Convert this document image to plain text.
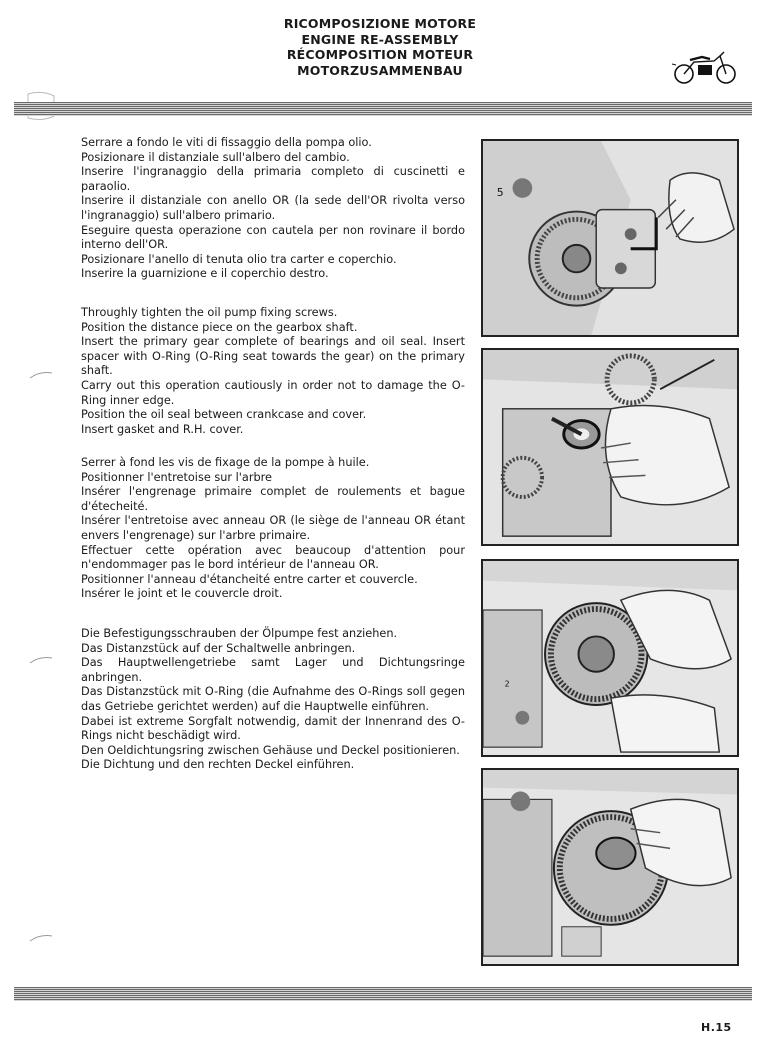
RICOMPOSIZIONE MOTORE
ENGINE RE-ASSEMBLY
RÉCOMPOSITION MOTEUR
MOTORZUSAMMENBAU

Serrare a fondo le viti di fissaggio della pompa olio.

Posizionare il distanziale sull'albero del cambio.

Inserire l'ingranaggio della primaria completo di cuscinetti e paraolio.

Inserire il distanziale con anello OR (la sede dell'OR rivolta verso l'ingranaggio) sull'albero primario.

Eseguire questa operazione con cautela per non rovinare il bordo interno dell'OR.

Posizionare l'anello di tenuta olio tra carter e coperchio.

Inserire la guarnizione e il coperchio destro.

Throughly tighten the oil pump fixing screws.

Position the distance piece on the gearbox shaft.

Insert the primary gear complete of bearings and oil seal. Insert spacer with O-Ring (O-Ring seat towards the gear) on the primary shaft.

Carry out this operation cautiously in order not to damage the O-Ring inner edge.

Position the oil seal between crankcase and cover.

Insert gasket and R.H. cover.

Serrer à fond les vis de fixage de la pompe à huile.

Positionner l'entretoise sur l'arbre

Insérer l'engrenage primaire complet de roulements et bague d'étecheité.

Insérer l'entretoise avec anneau OR (le siège de l'anneau OR étant envers l'engrenage) sur l'arbre primaire.

Effectuer cette opération avec beaucoup d'attention pour n'endommager pas le bord intérieur de l'anneau OR.

Positionner l'anneau d'étancheité entre carter et couvercle.

Insérer le joint et le couvercle droit.

Die Befestigungsschrauben der Ölpumpe fest anziehen.

Das Distanzstück auf der Schaltwelle anbringen.

Das Hauptwellengetriebe samt Lager und Dichtungsringe anbringen.

Das Distanzstück mit O-Ring (die Aufnahme des O-Rings soll gegen das Getriebe gerichtet werden) auf die Hauptwelle einführen.

Dabei ist extreme Sorgfalt notwendig, damit der Innenrand des O-Rings nicht beschädigt wird.

Den Oeldichtungsring zwischen Gehäuse und Deckel positionieren.

Die Dichtung und den rechten Deckel einführen.

5
2
H.15
